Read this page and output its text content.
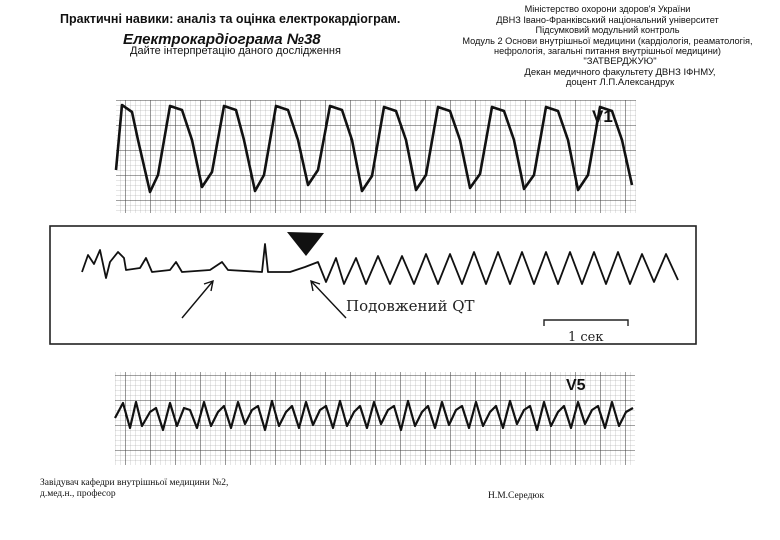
Практичні навики: аналіз та оцінка електрокардіограм.
Електрокардіограма №38
Дайте інтерпретацію даного дослідження
Міністерство охорони здоров'я України
ДВНЗ Івано-Франківський національний університет
Підсумковий модульний контроль
Модуль 2 Основи внутрішньої медицини (кардіологія, реаматологія,
нефрологія, загальні питання внутрішньої медицини)
"ЗАТВЕРДЖУЮ"
Декан медичного факультету ДВНЗ ІФНМУ,
доцент Л.П.Александрук
V1
Подовжений QT
1 сек
V5
Завідувач кафедри внутрішньої медицини №2,
д.мед.н., професор	Н.М.Середюк
